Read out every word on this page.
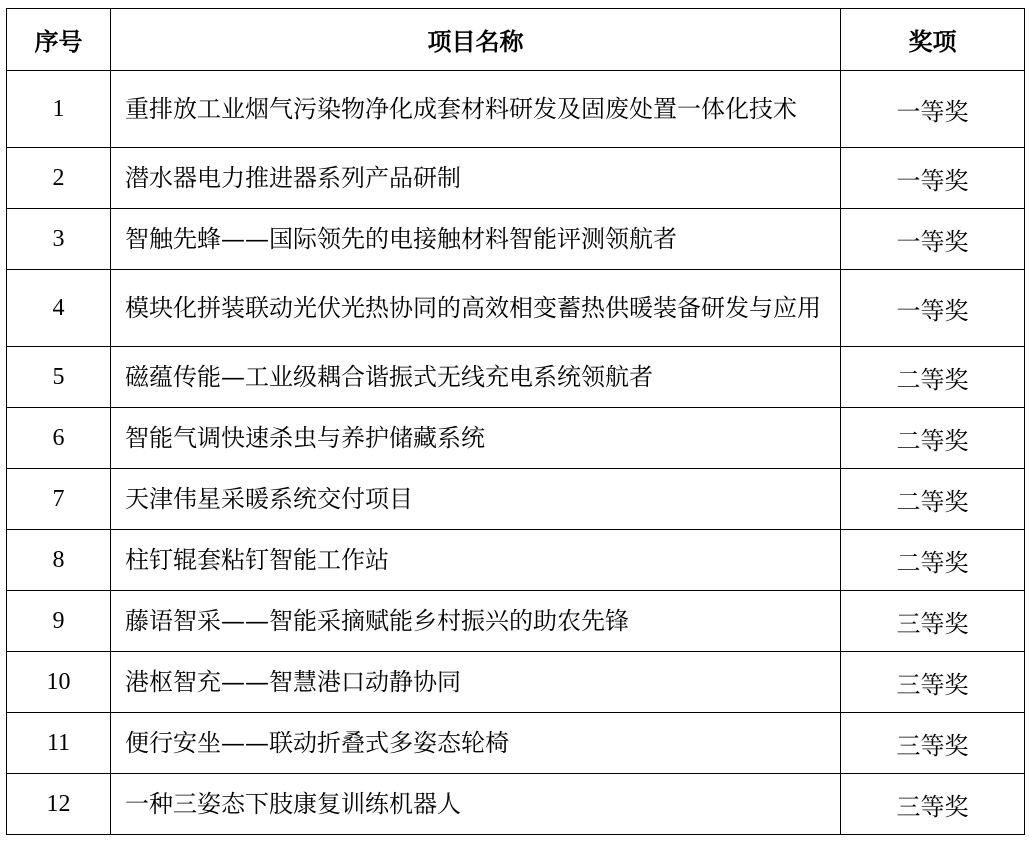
序号	项目名称	奖项
1	重排放工业烟气污染物净化成套材料研发及固废处置一体化技术	一等奖
2	潜水器电力推进器系列产品研制	一等奖
3	智触先蜂——国际领先的电接触材料智能评测领航者	一等奖
4	模块化拼装联动光伏光热协同的高效相变蓄热供暖装备研发与应用	一等奖
5	磁蕴传能—工业级耦合谐振式无线充电系统领航者	二等奖
6	智能气调快速杀虫与养护储藏系统	二等奖
7	天津伟星采暖系统交付项目	二等奖
8	柱钉辊套粘钉智能工作站	二等奖
9	藤语智采——智能采摘赋能乡村振兴的助农先锋	三等奖
10	港枢智充——智慧港口动静协同	三等奖
11	便行安坐——联动折叠式多姿态轮椅	三等奖
12	一种三姿态下肢康复训练机器人	三等奖
